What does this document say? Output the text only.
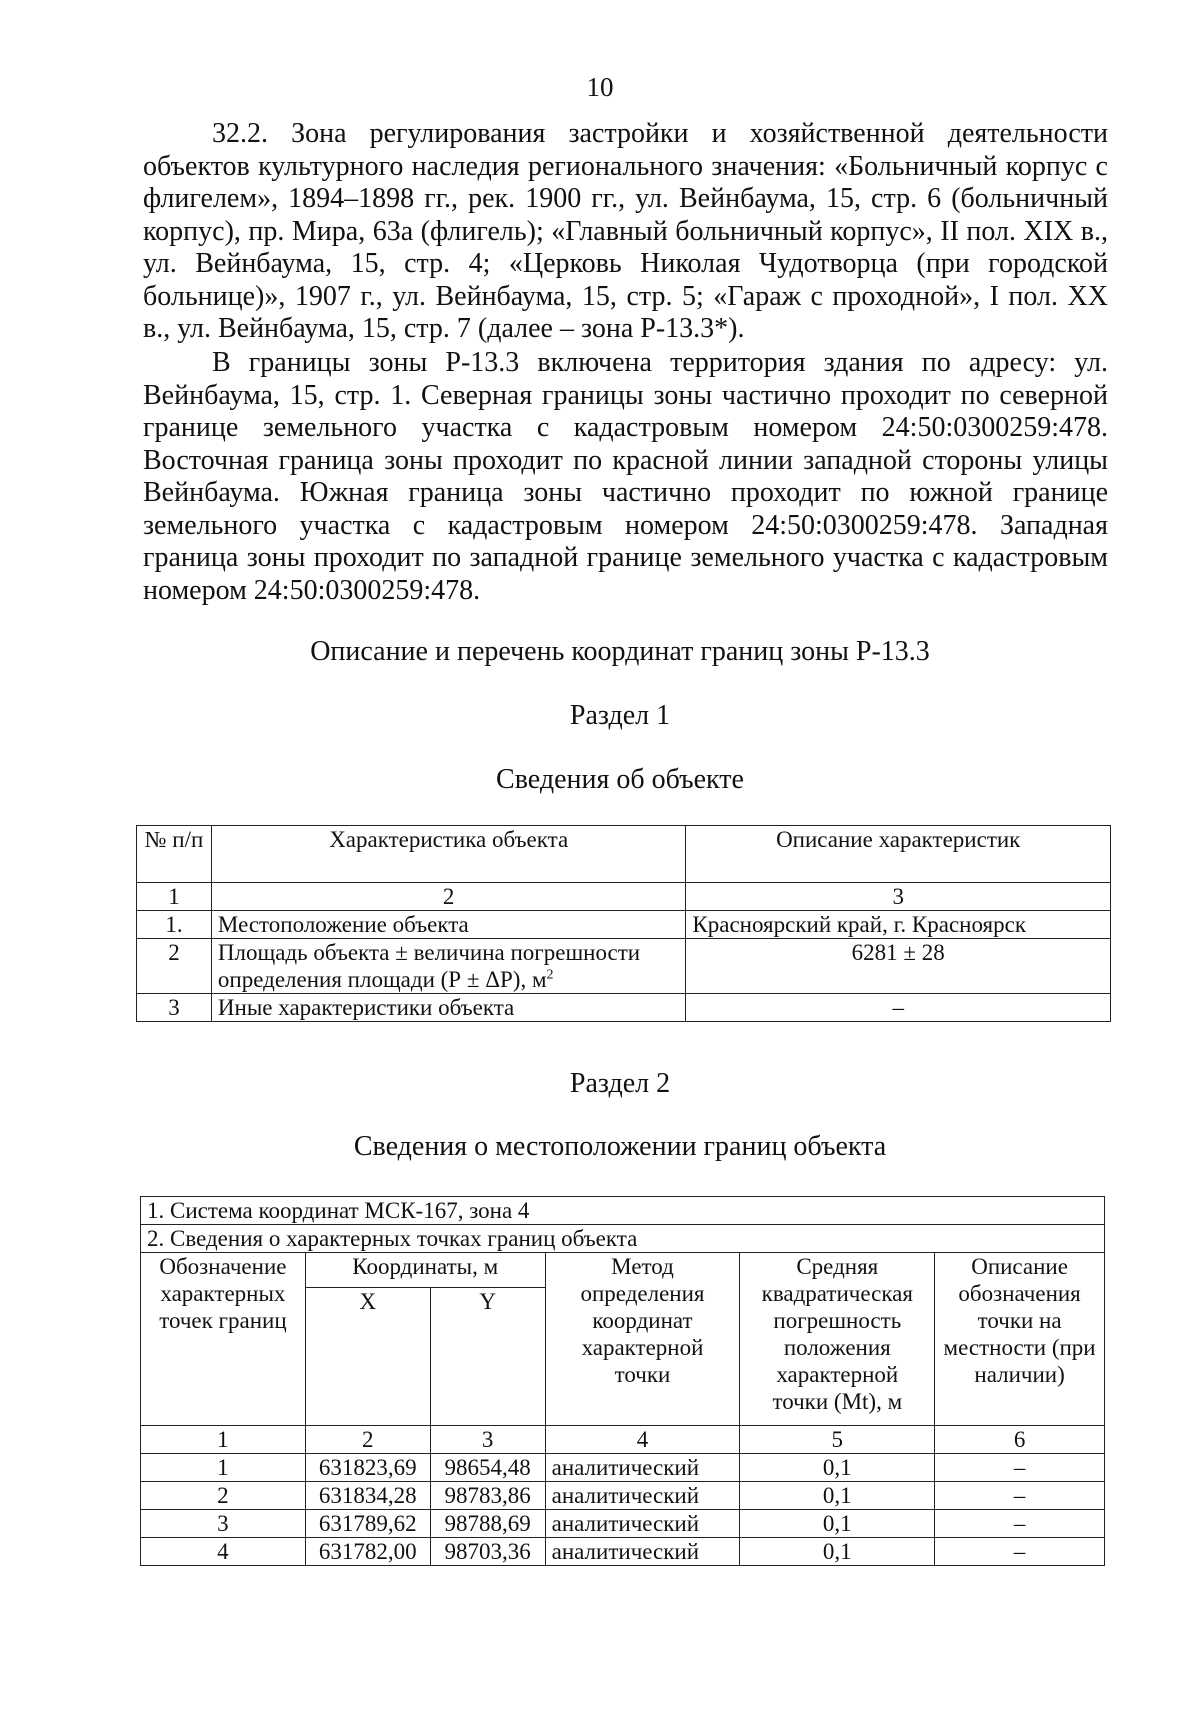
10

32.2. Зона регулирования застройки и хозяйственной деятельности объектов культурного наследия регионального значения: «Больничный корпус с флигелем», 1894–1898 гг., рек. 1900 гг., ул. Вейнбаума, 15, стр. 6 (больничный корпус), пр. Мира, 63а (флигель); «Главный больничный корпус», II пол. XIX в., ул. Вейнбаума, 15, стр. 4; «Церковь Николая Чудотворца (при городской больнице)», 1907 г., ул. Вейнбаума, 15, стр. 5; «Гараж с проходной», I пол. XX в., ул. Вейнбаума, 15, стр. 7 (далее – зона Р-13.3*).

В границы зоны Р-13.3 включена территория здания по адресу: ул. Вейнбаума, 15, стр. 1. Северная границы зоны частично проходит по северной границе земельного участка с кадастровым номером 24:50:0300259:478. Восточная граница зоны проходит по красной линии западной стороны улицы Вейнбаума. Южная граница зоны частично проходит по южной границе земельного участка с кадастровым номером 24:50:0300259:478. Западная граница зоны проходит по западной границе земельного участка с кадастровым номером 24:50:0300259:478.

Описание и перечень координат границ зоны Р-13.3

Раздел 1

Сведения об объекте

№ п/п	Характеристика объекта	Описание характеристик
1	2	3
1.	Местоположение объекта	Красноярский край, г. Красноярск
2	Площадь объекта ± величина погрешности определения площади (Р ± ΔР), $м^2$	6281 ± 28
3	Иные характеристики объекта	–

Раздел 2

Сведения о местоположении границ объекта

1. Система координат МСК-167, зона 4					
2. Сведения о характерных точках границ объекта					
Обозначение характерных точек границ	Координаты, м		Метод определения координат характерной точки	Средняя квадратическая погрешность положения характерной точки (Mt), м	Описание обозначения точки на местности (при наличии)
	X	Y			
1	2	3	4	5	6
1	631823,69	98654,48	аналитический	0,1	–
2	631834,28	98783,86	аналитический	0,1	–
3	631789,62	98788,69	аналитический	0,1	–
4	631782,00	98703,36	аналитический	0,1	–
